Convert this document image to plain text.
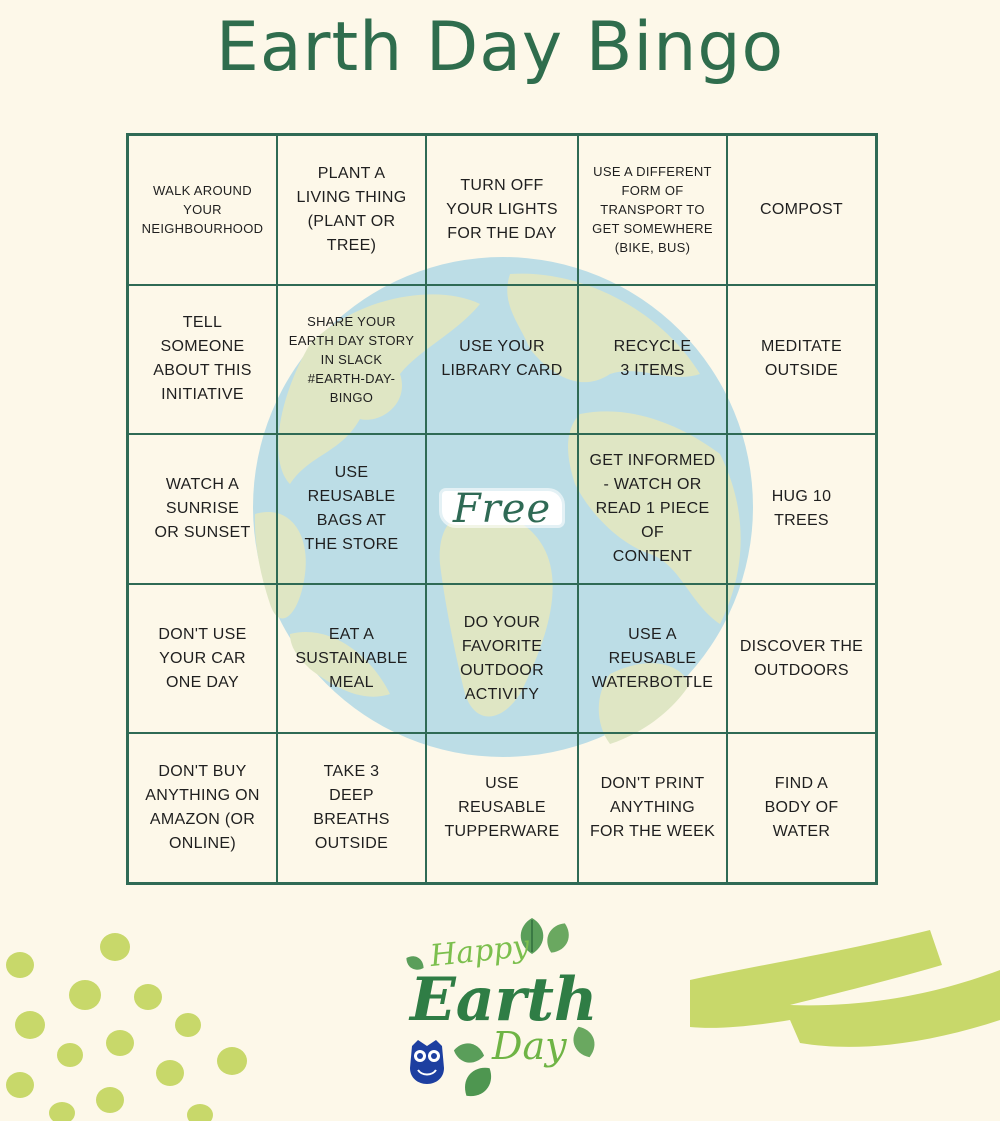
Earth Day Bingo
WALK AROUND
YOUR
NEIGHBOURHOOD
PLANT A
LIVING THING
(PLANT OR
TREE)
TURN OFF
YOUR LIGHTS
FOR THE DAY
USE A DIFFERENT
FORM OF
TRANSPORT TO
GET SOMEWHERE
(BIKE, BUS)
COMPOST
TELL
SOMEONE
ABOUT THIS
INITIATIVE
SHARE YOUR
EARTH DAY STORY
IN SLACK
#EARTH-DAY-
BINGO
USE YOUR
LIBRARY CARD
RECYCLE
3 ITEMS
MEDITATE
OUTSIDE
WATCH A
SUNRISE
OR SUNSET
USE
REUSABLE
BAGS AT
THE STORE
Free
GET INFORMED
- WATCH OR
READ 1 PIECE OF
CONTENT
HUG 10
TREES
DON'T USE
YOUR CAR
ONE DAY
EAT A
SUSTAINABLE
MEAL
DO YOUR
FAVORITE
OUTDOOR
ACTIVITY
USE A
REUSABLE
WATERBOTTLE
DISCOVER THE
OUTDOORS
DON'T BUY
ANYTHING ON
AMAZON (OR
ONLINE)
TAKE 3
DEEP
BREATHS
OUTSIDE
USE
REUSABLE
TUPPERWARE
DON'T PRINT
ANYTHING
FOR THE WEEK
FIND A
BODY OF
WATER
Happy
Earth
Day
